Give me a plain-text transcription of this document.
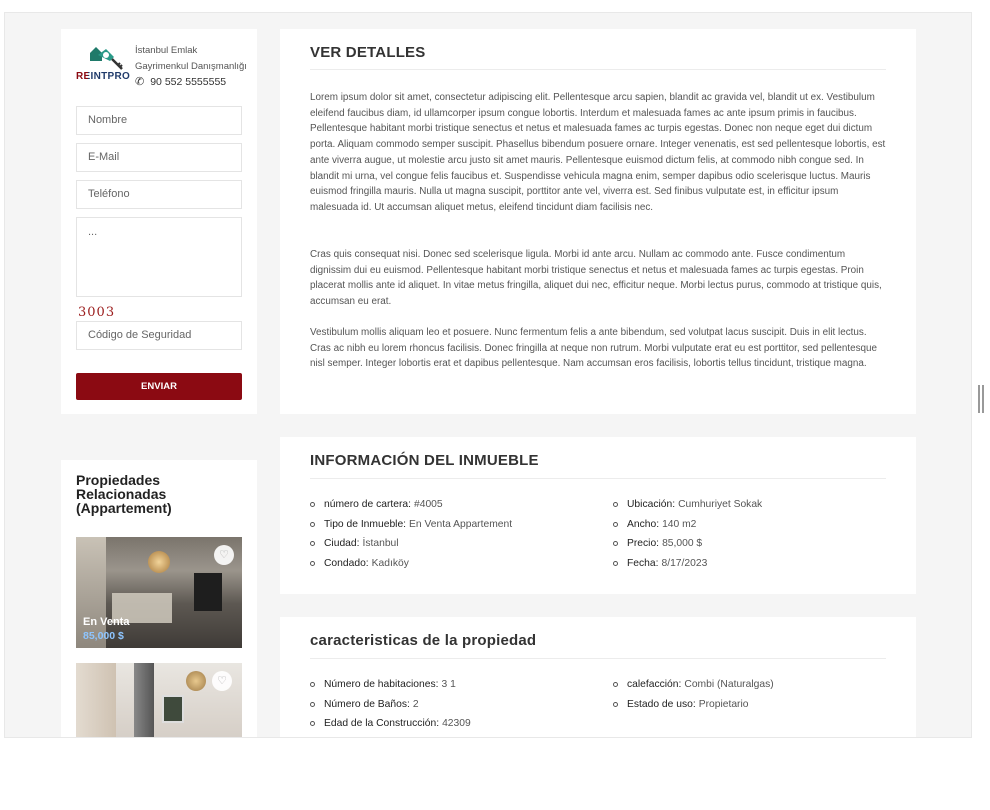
REINTPRO
İstanbul Emlak
Gayrimenkul Danışmanlığı
✆ 90 552 5555555
Nombre
E-Mail
Teléfono
...
3003
Código de Seguridad
ENVIAR
Propiedades Relacionadas (Appartement)
♡
En Venta
85,000 $
♡
VER DETALLES

Lorem ipsum dolor sit amet, consectetur adipiscing elit. Pellentesque arcu sapien, blandit ac gravida vel, blandit ut ex. Vestibulum eleifend faucibus diam, id ullamcorper ipsum congue lobortis. Interdum et malesuada fames ac ante ipsum primis in faucibus. Pellentesque habitant morbi tristique senectus et netus et malesuada fames ac turpis egestas. Donec non neque eget dui dictum porta. Aliquam commodo semper suscipit. Phasellus bibendum posuere ornare. Integer venenatis, est sed pellentesque lobortis, est ante viverra augue, ut molestie arcu justo sit amet mauris. Pellentesque euismod dictum felis, at commodo nibh congue sed. In blandit mi urna, vel congue felis faucibus et. Suspendisse vehicula magna enim, semper dapibus odio scelerisque luctus. Mauris euismod fringilla mauris. Nulla ut magna suscipit, porttitor ante vel, viverra est. Sed finibus vulputate est, in efficitur ipsum malesuada id. Ut accumsan aliquet metus, eleifend tincidunt diam facilisis nec.

Cras quis consequat nisi. Donec sed scelerisque ligula. Morbi id ante arcu. Nullam ac commodo ante. Fusce condimentum dignissim dui eu euismod. Pellentesque habitant morbi tristique senectus et netus et malesuada fames ac turpis egestas. Proin placerat mollis ante id aliquet. In vitae metus fringilla, aliquet dui nec, efficitur neque. Morbi lectus purus, commodo at tristique quis, accumsan eu erat.

Vestibulum mollis aliquam leo et posuere. Nunc fermentum felis a ante bibendum, sed volutpat lacus suscipit. Duis in elit lectus. Cras ac nibh eu lorem rhoncus facilisis. Donec fringilla at neque non rutrum. Morbi vulputate erat eu est porttitor, sed pellentesque nisl semper. Integer lobortis erat et dapibus pellentesque. Nam accumsan eros facilisis, lobortis tellus tincidunt, tristique magna.

INFORMACIÓN DEL INMUEBLE
número de cartera: #4005
Tipo de Inmueble: En Venta Appartement
Ciudad: İstanbul
Condado: Kadıköy
Ubicación: Cumhuriyet Sokak
Ancho: 140 m2
Precio: 85,000 $
Fecha: 8/17/2023
caracteristicas de la propiedad
Número de habitaciones: 3 1
Número de Baños: 2
Edad de la Construcción: 42309
calefacción: Combi (Naturalgas)
Estado de uso: Propietario
